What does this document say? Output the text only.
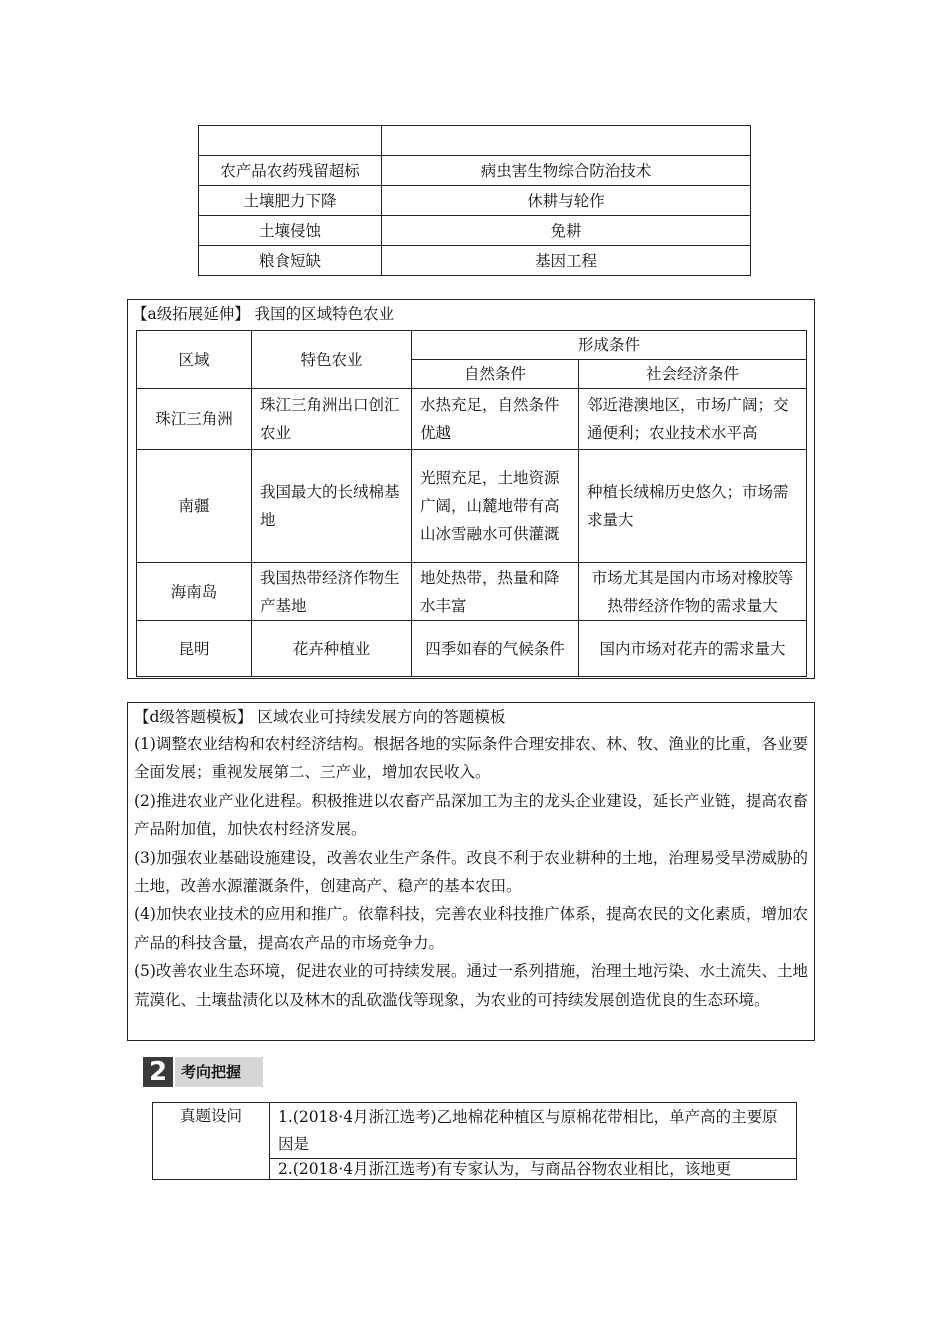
农产品农药残留超标	病虫害生物综合防治技术
土壤肥力下降	休耕与轮作
土壤侵蚀	免耕
粮食短缺	基因工程
【a级拓展延伸】 我国的区域特色农业
区域	特色农业	形成条件	
		自然条件	社会经济条件
珠江三角洲	珠江三角洲出口创汇农业	水热充足，自然条件优越	邻近港澳地区，市场广阔；交通便利；农业技术水平高
南疆	我国最大的长绒棉基地	光照充足，土地资源广阔，山麓地带有高山冰雪融水可供灌溉	种植长绒棉历史悠久；市场需求量大
海南岛	我国热带经济作物生产基地	地处热带，热量和降水丰富	市场尤其是国内市场对橡胶等热带经济作物的需求量大
昆明	花卉种植业	四季如春的气候条件	国内市场对花卉的需求量大
【d级答题模板】 区域农业可持续发展方向的答题模板
(1)调整农业结构和农村经济结构。根据各地的实际条件合理安排农、林、牧、渔业的比重，各业要全面发展；重视发展第二、三产业，增加农民收入。
(2)推进农业产业化进程。积极推进以农畜产品深加工为主的龙头企业建设，延长产业链，提高农畜产品附加值，加快农村经济发展。
(3)加强农业基础设施建设，改善农业生产条件。改良不利于农业耕种的土地，治理易受旱涝威胁的土地，改善水源灌溉条件，创建高产、稳产的基本农田。
(4)加快农业技术的应用和推广。依靠科技，完善农业科技推广体系，提高农民的文化素质，增加农产品的科技含量，提高农产品的市场竞争力。
(5)改善农业生态环境，促进农业的可持续发展。通过一系列措施，治理土地污染、水土流失、土地荒漠化、土壤盐渍化以及林木的乱砍滥伐等现象，为农业的可持续发展创造优良的生态环境。
2 考向把握
真题设问	1.(2018·4月浙江选考)乙地棉花种植区与原棉花带相比，单产高的主要原因是
2.(2018·4月浙江选考)有专家认为，与商品谷物农业相比，该地更
